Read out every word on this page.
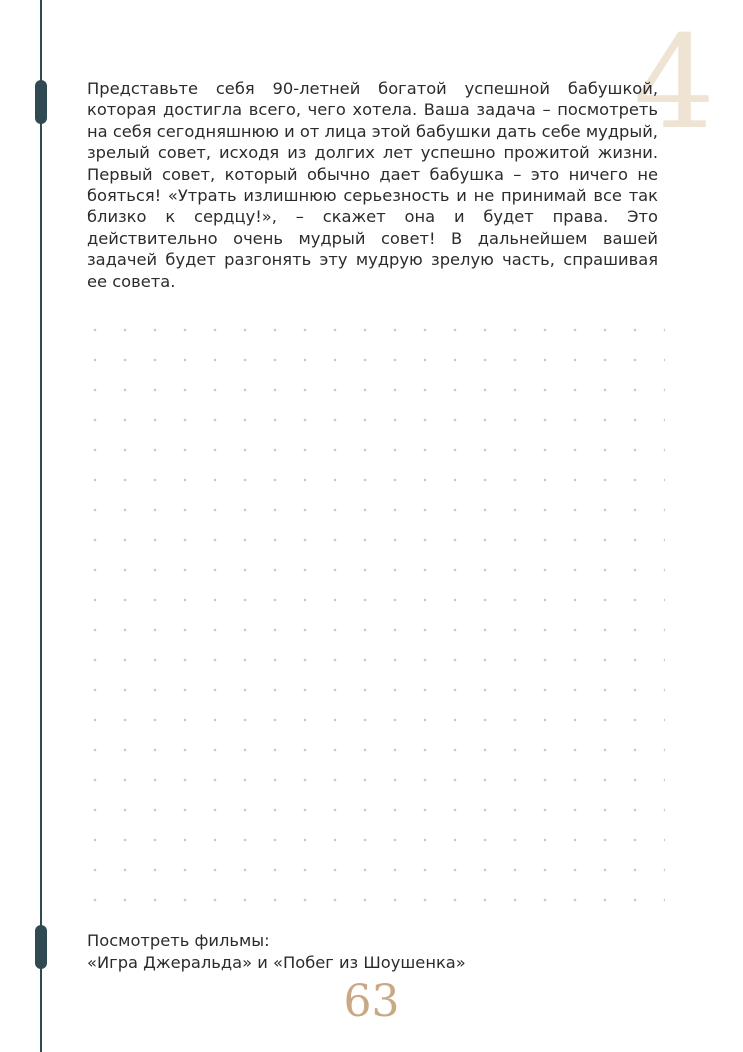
4

Представьте себя 90-летней богатой успешной бабушкой, которая достигла всего, чего хотела. Ваша задача – посмотреть на себя сегодняшнюю и от лица этой бабушки дать себе мудрый, зрелый совет, исходя из долгих лет успешно прожитой жизни. Первый совет, который обычно дает бабушка – это ничего не бояться! «Утрать излишнюю серьезность и не принимай все так близко к сердцу!», – скажет она и будет права. Это действительно очень мудрый совет! В дальнейшем вашей задачей будет разгонять эту мудрую зрелую часть, спрашивая ее совета.

Посмотреть фильмы:
«Игра Джеральда» и «Побег из Шоушенка»
63
